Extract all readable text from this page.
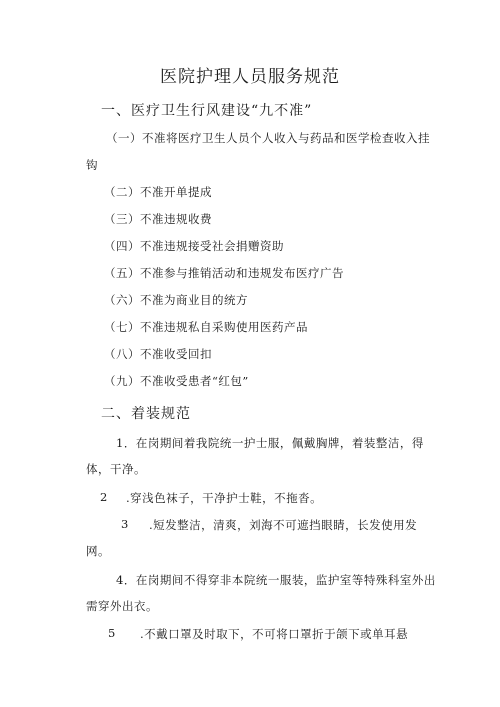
医院护理人员服务规范
一、医疗卫生行风建设“九不准”
（一）不准将医疗卫生人员个人收入与药品和医学检查收入挂
钩
（二）不准开单提成
（三）不准违规收费
（四）不准违规接受社会捐赠资助
（五）不准参与推销活动和违规发布医疗广告
（六）不准为商业目的统方
（七）不准违规私自采购使用医药产品
（八）不准收受回扣
（九）不准收受患者“红包”
二、着装规范
1．在岗期间着我院统一护士服，佩戴胸牌，着装整洁，得
体，干净。
2 .穿浅色袜子，干净护士鞋，不拖沓。
3 .短发整洁，清爽，刘海不可遮挡眼睛，长发使用发
网。
4．在岗期间不得穿非本院统一服装，监护室等特殊科室外出
需穿外出衣。
5 .不戴口罩及时取下，不可将口罩折于颌下或单耳悬
